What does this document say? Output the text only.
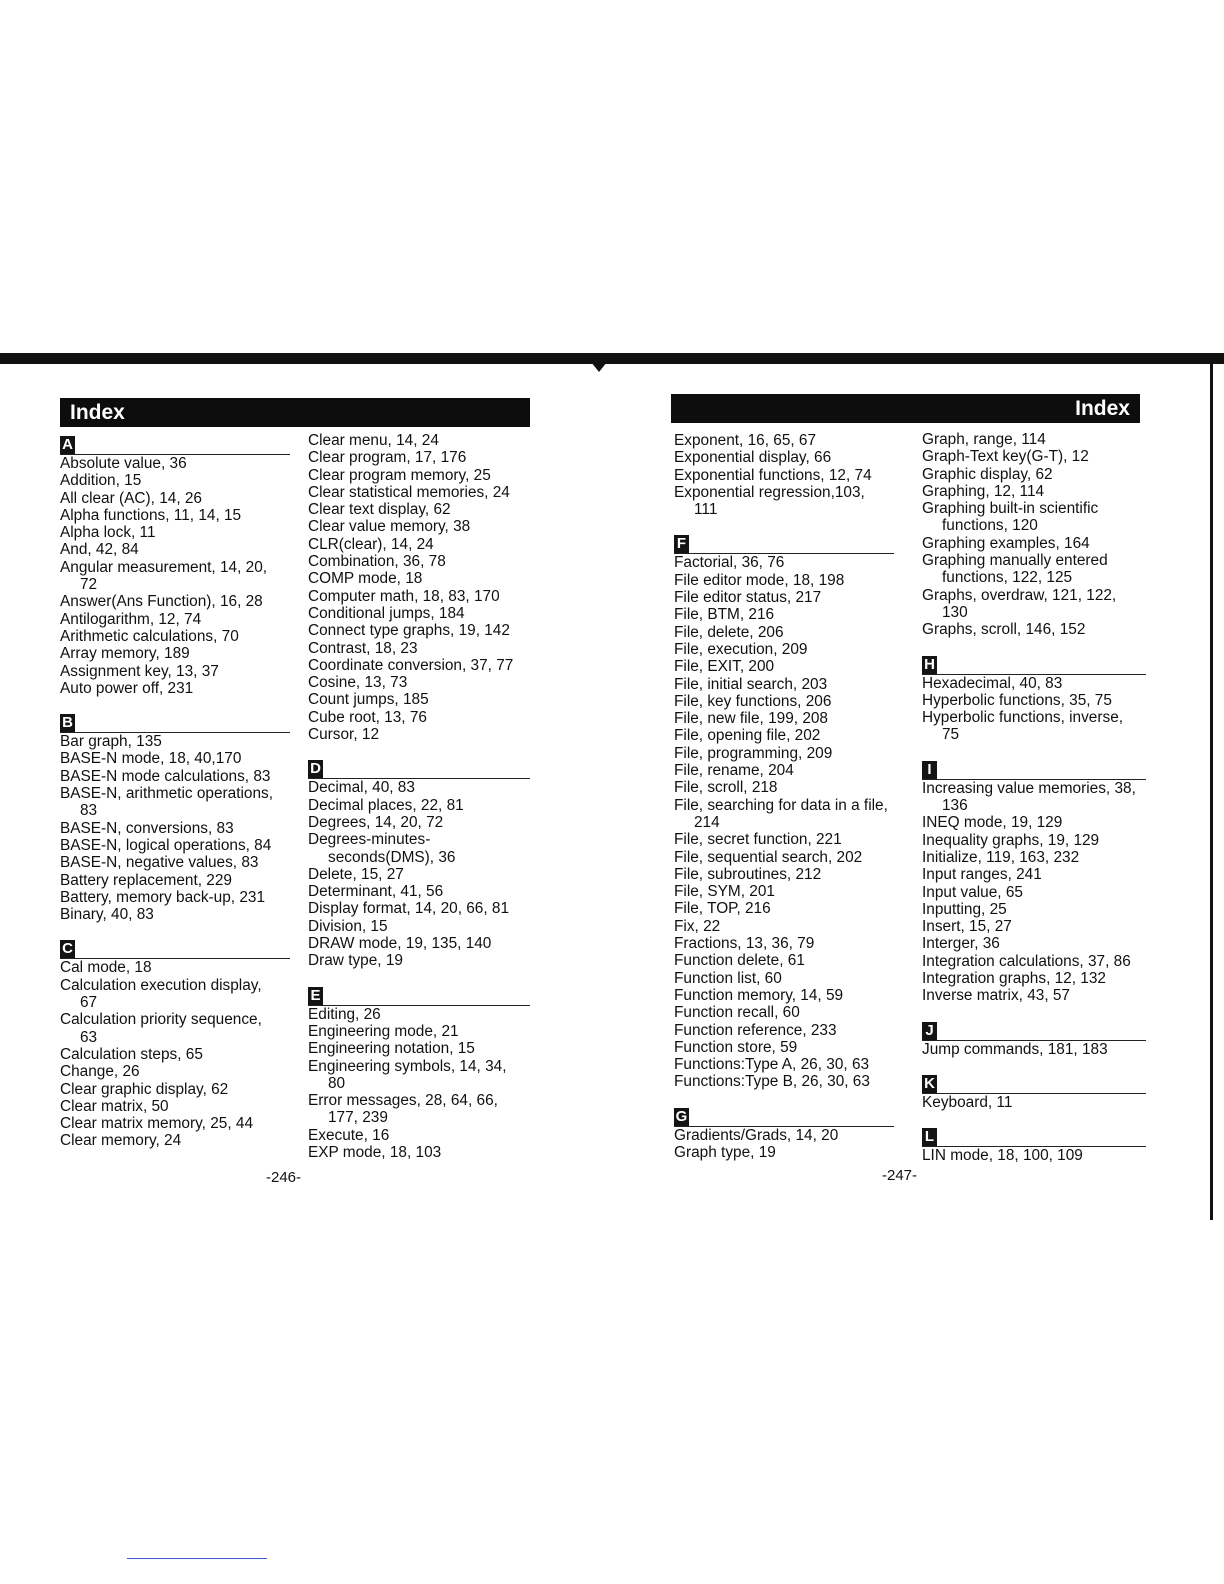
Index	Index
A
Absolute value, 36
Addition, 15
All clear (AC), 14, 26
Alpha functions, 11, 14, 15
Alpha lock, 11
And, 42, 84
Angular measurement, 14, 20,
72
Answer(Ans Function), 16, 28
Antilogarithm, 12, 74
Arithmetic calculations, 70
Array memory, 189
Assignment key, 13, 37
Auto power off, 231
B
Bar graph, 135
BASE-N mode, 18, 40,170
BASE-N mode calculations, 83
BASE-N, arithmetic operations,
83
BASE-N, conversions, 83
BASE-N, logical operations, 84
BASE-N, negative values, 83
Battery replacement, 229
Battery, memory back-up, 231
Binary, 40, 83
C
Cal mode, 18
Calculation execution display,
67
Calculation priority sequence,
63
Calculation steps, 65
Change, 26
Clear graphic display, 62
Clear matrix, 50
Clear matrix memory, 25, 44
Clear memory, 24
Clear menu, 14, 24
Clear program, 17, 176
Clear program memory, 25
Clear statistical memories, 24
Clear text display, 62
Clear value memory, 38
CLR(clear), 14, 24
Combination, 36, 78
COMP mode, 18
Computer math, 18, 83, 170
Conditional jumps, 184
Connect type graphs, 19, 142
Contrast, 18, 23
Coordinate conversion, 37, 77
Cosine, 13, 73
Count jumps, 185
Cube root, 13, 76
Cursor, 12
D
Decimal, 40, 83
Decimal places, 22, 81
Degrees, 14, 20, 72
Degrees-minutes-
seconds(DMS), 36
Delete, 15, 27
Determinant, 41, 56
Display format, 14, 20, 66, 81
Division, 15
DRAW mode, 19, 135, 140
Draw type, 19
E
Editing, 26
Engineering mode, 21
Engineering notation, 15
Engineering symbols, 14, 34,
80
Error messages, 28, 64, 66,
177, 239
Execute, 16
EXP mode, 18, 103
Exponent, 16, 65, 67
Exponential display, 66
Exponential functions, 12, 74
Exponential regression,103,
111
F
Factorial, 36, 76
File editor mode, 18, 198
File editor status, 217
File, BTM, 216
File, delete, 206
File, execution, 209
File, EXIT, 200
File, initial search, 203
File, key functions, 206
File, new file, 199, 208
File, opening file, 202
File, programming, 209
File, rename, 204
File, scroll, 218
File, searching for data in a file,
214
File, secret function, 221
File, sequential search, 202
File, subroutines, 212
File, SYM, 201
File, TOP, 216
Fix, 22
Fractions, 13, 36, 79
Function delete, 61
Function list, 60
Function memory, 14, 59
Function recall, 60
Function reference, 233
Function store, 59
Functions:Type A, 26, 30, 63
Functions:Type B, 26, 30, 63
G
Gradients/Grads, 14, 20
Graph type, 19
Graph, range, 114
Graph-Text key(G-T), 12
Graphic display, 62
Graphing, 12, 114
Graphing built-in scientific
functions, 120
Graphing examples, 164
Graphing manually entered
functions, 122, 125
Graphs, overdraw, 121, 122,
130
Graphs, scroll, 146, 152
H
Hexadecimal, 40, 83
Hyperbolic functions, 35, 75
Hyperbolic functions, inverse,
75
I
Increasing value memories, 38,
136
INEQ mode, 19, 129
Inequality graphs, 19, 129
Initialize, 119, 163, 232
Input ranges, 241
Input value, 65
Inputting, 25
Insert, 15, 27
Interger, 36
Integration calculations, 37, 86
Integration graphs, 12, 132
Inverse matrix, 43, 57
J
Jump commands, 181, 183
K
Keyboard, 11
L
LIN mode, 18, 100, 109
-246-	-247-
